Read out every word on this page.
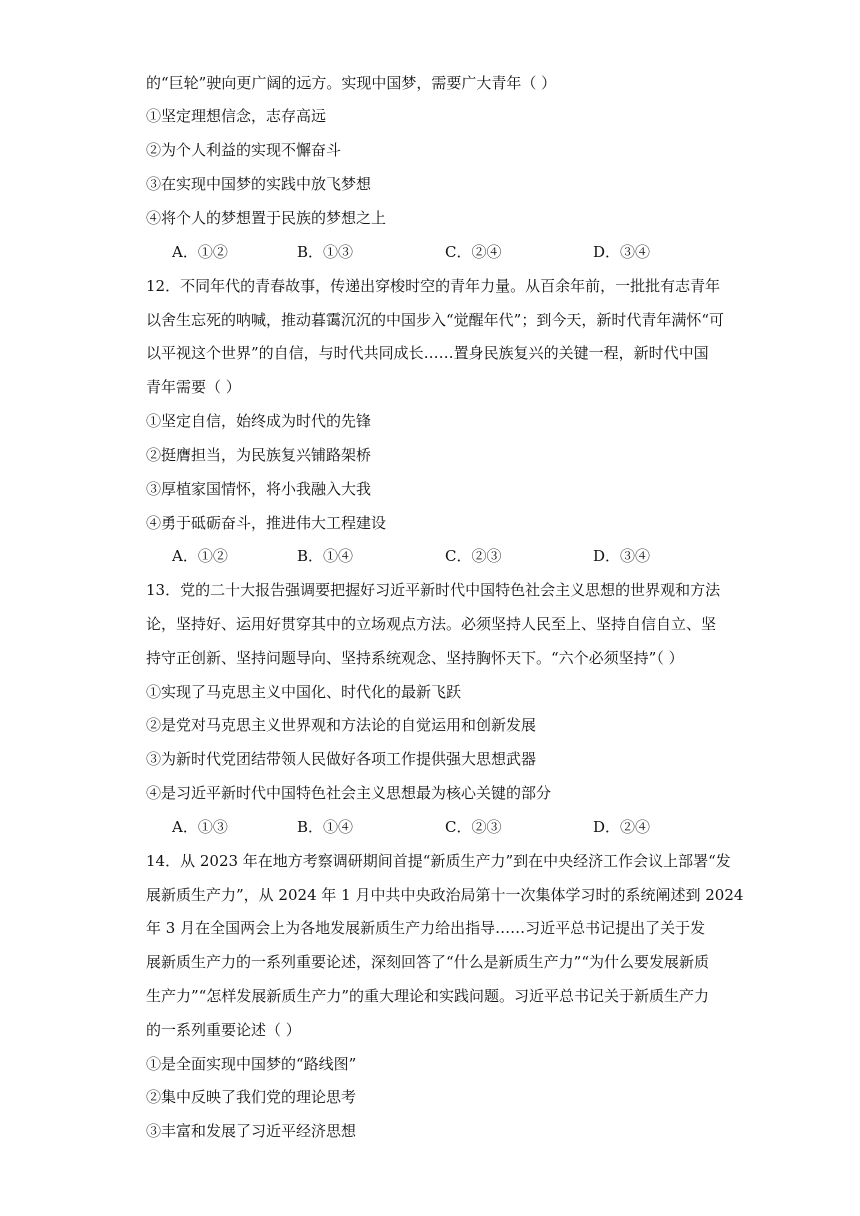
的“巨轮”驶向更广阔的远方。实现中国梦，需要广大青年（ ）
①坚定理想信念，志存高远
②为个人利益的实现不懈奋斗
③在实现中国梦的实践中放飞梦想
④将个人的梦想置于民族的梦想之上
A．①②	B．①③	C．②④	D．③④
12．不同年代的青春故事，传递出穿梭时空的青年力量。从百余年前，一批批有志青年
以舍生忘死的呐喊，推动暮霭沉沉的中国步入“觉醒年代”；到今天，新时代青年满怀“可
以平视这个世界”的自信，与时代共同成长……置身民族复兴的关键一程，新时代中国
青年需要（ ）
①坚定自信，始终成为时代的先锋
②挺膺担当，为民族复兴铺路架桥
③厚植家国情怀，将小我融入大我
④勇于砥砺奋斗，推进伟大工程建设
A．①②	B．①④	C．②③	D．③④
13．党的二十大报告强调要把握好习近平新时代中国特色社会主义思想的世界观和方法
论，坚持好、运用好贯穿其中的立场观点方法。必须坚持人民至上、坚持自信自立、坚
持守正创新、坚持问题导向、坚持系统观念、坚持胸怀天下。“六个必须坚持”（ ）
①实现了马克思主义中国化、时代化的最新飞跃
②是党对马克思主义世界观和方法论的自觉运用和创新发展
③为新时代党团结带领人民做好各项工作提供强大思想武器
④是习近平新时代中国特色社会主义思想最为核心关键的部分
A．①③	B．①④	C．②③	D．②④
14．从 2023 年在地方考察调研期间首提“新质生产力”到在中央经济工作会议上部署“发
展新质生产力”，从 2024 年 1 月中共中央政治局第十一次集体学习时的系统阐述到 2024
年 3 月在全国两会上为各地发展新质生产力给出指导……习近平总书记提出了关于发
展新质生产力的一系列重要论述，深刻回答了“什么是新质生产力”“为什么要发展新质
生产力”“怎样发展新质生产力”的重大理论和实践问题。习近平总书记关于新质生产力
的一系列重要论述（ ）
①是全面实现中国梦的“路线图”
②集中反映了我们党的理论思考
③丰富和发展了习近平经济思想
